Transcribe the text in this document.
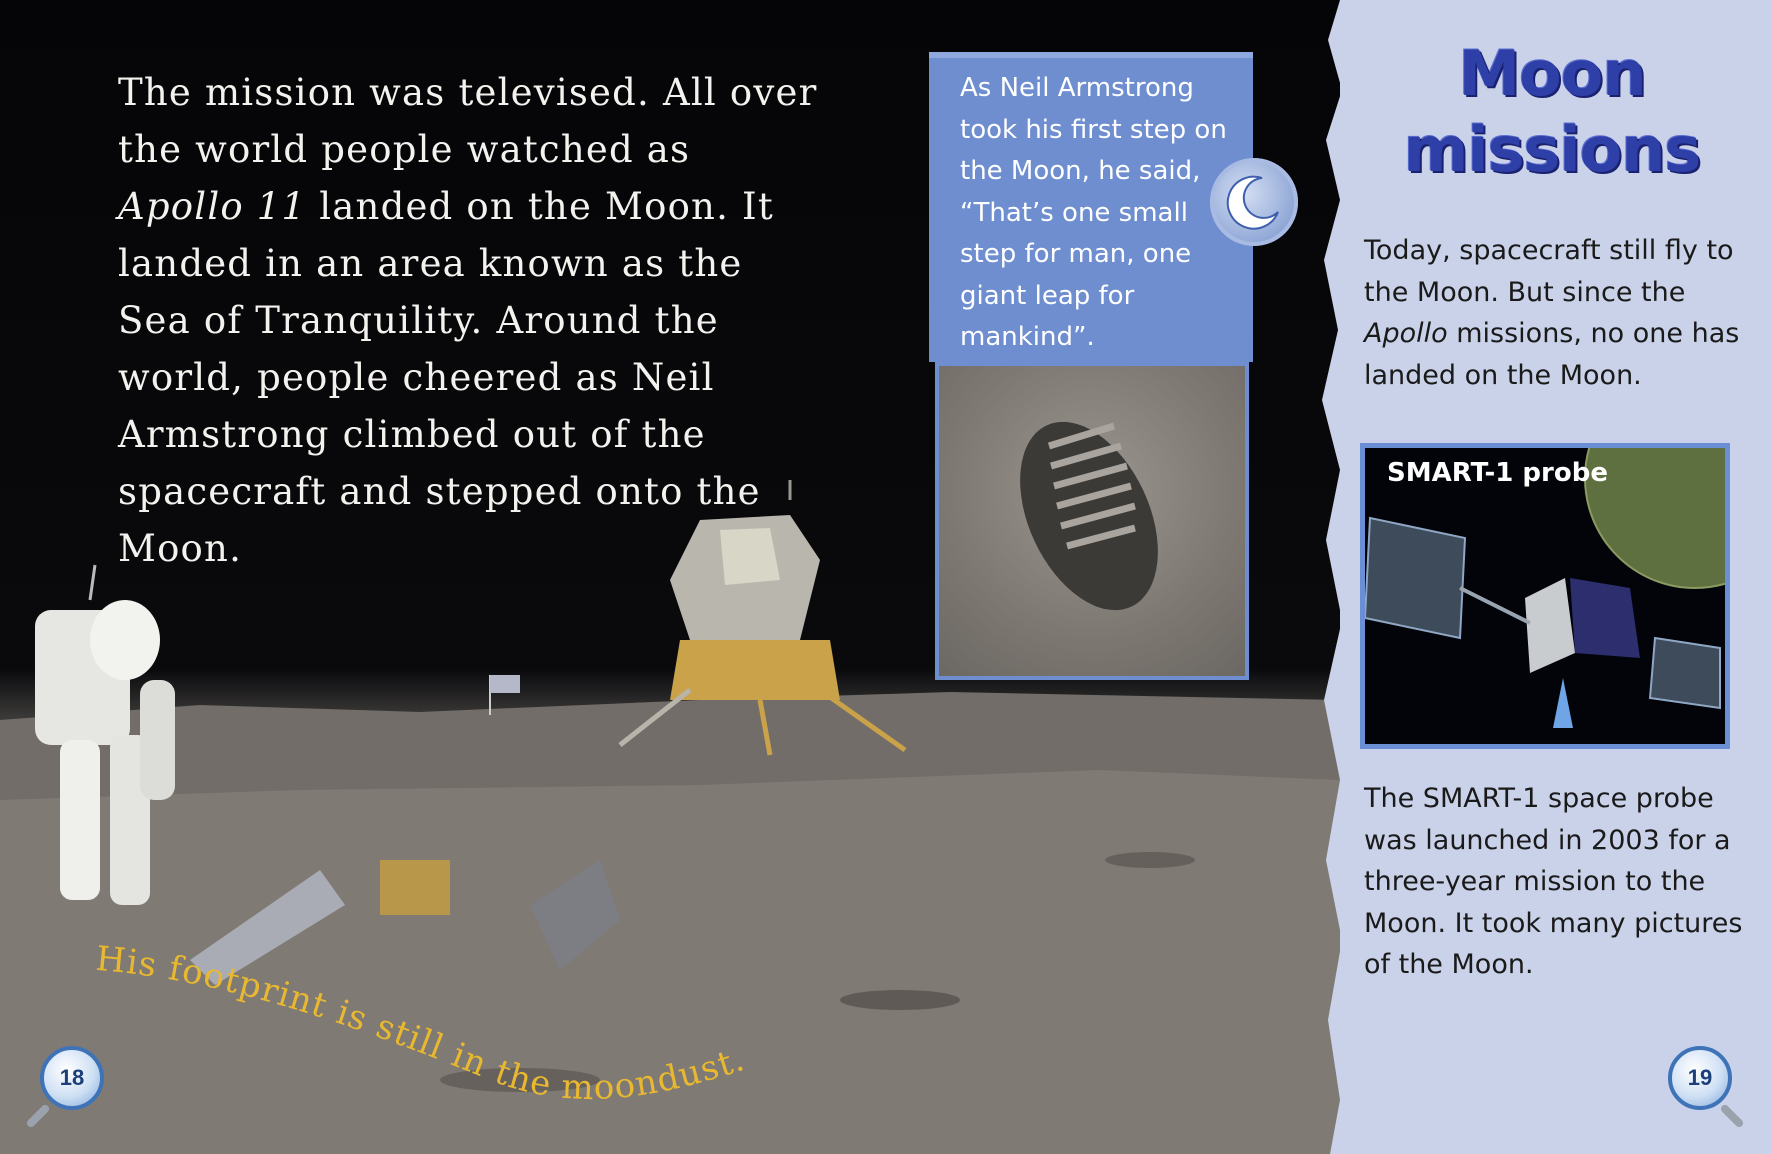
The mission was televised. All over the world people watched as Apollo 11 landed on the Moon. It landed in an area known as the Sea of Tranquility. Around the world, people cheered as Neil Armstrong climbed out of the spacecraft and stepped onto the Moon.

His footprint is still in the moondust.

As Neil Armstrong took his first step on the Moon, he said, “That’s one small step for man, one giant leap for mankind”.

18
Moon
missions

Today, spacecraft still fly to the Moon. But since the Apollo missions, no one has landed on the Moon.

SMART-1 probe

The SMART-1 space probe was launched in 2003 for a three-year mission to the Moon. It took many pictures of the Moon.

19
